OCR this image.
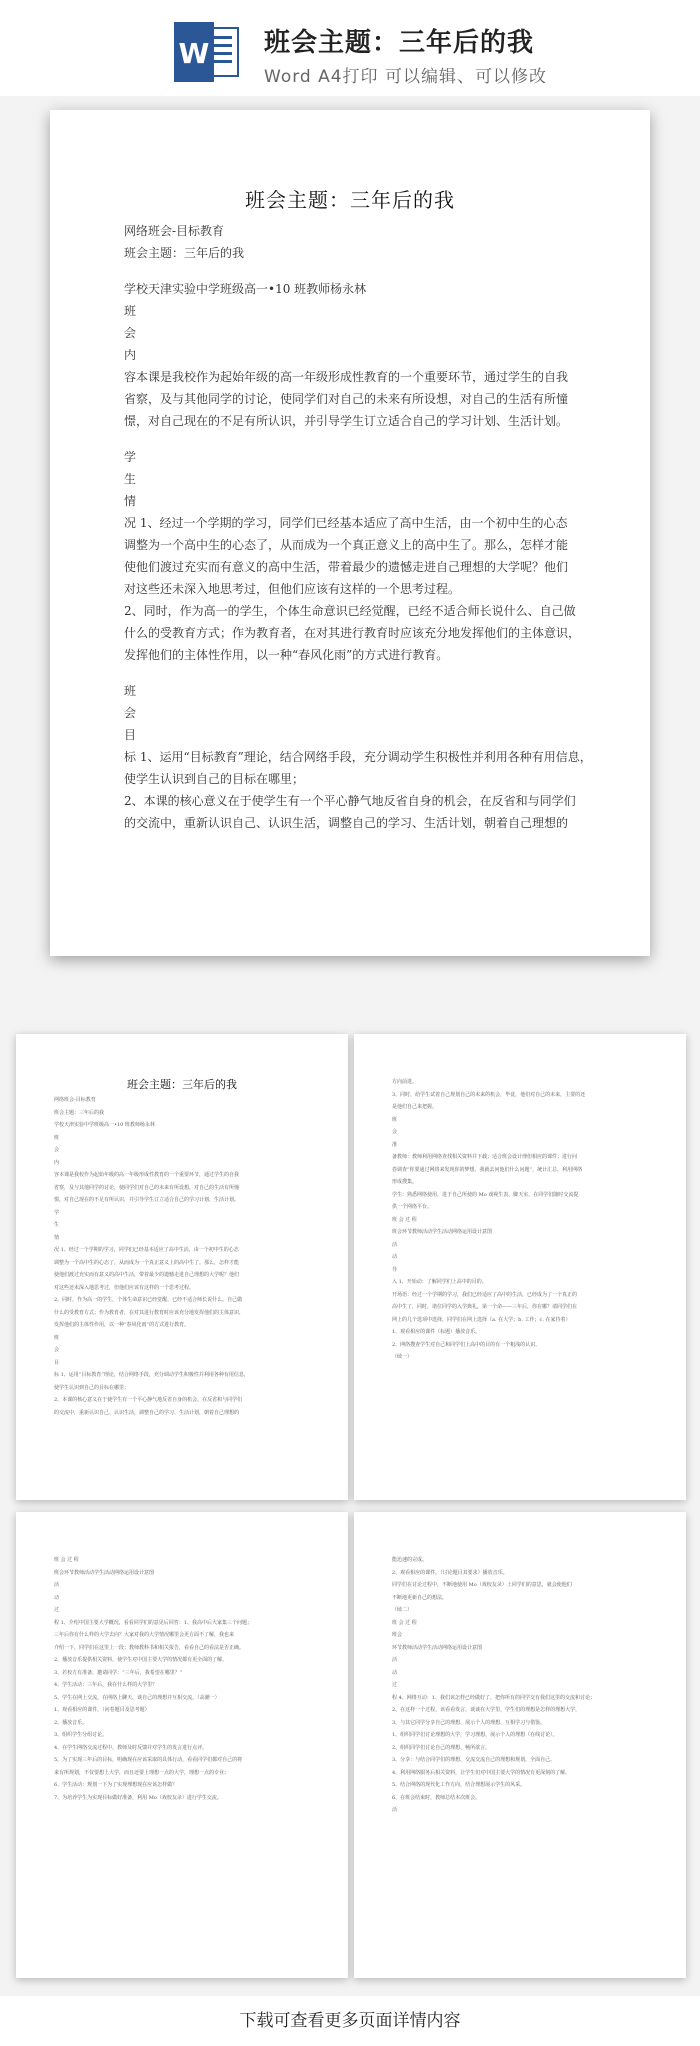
W 班会主题：三年后的我
Word A4打印 可以编辑、可以修改
班会主题：三年后的我
网络班会-目标教育
班会主题：三年后的我
学校天津实验中学班级高一•10 班教师杨永林
班
会
内
容本课是我校作为起始年级的高一年级形成性教育的一个重要环节，通过学生的自我
省察，及与其他同学的讨论，使同学们对自己的未来有所设想，对自己的生活有所憧
憬，对自己现在的不足有所认识，并引导学生订立适合自己的学习计划、生活计划。
学
生
情
况 1、经过一个学期的学习，同学们已经基本适应了高中生活，由一个初中生的心态
调整为一个高中生的心态了，从而成为一个真正意义上的高中生了。那么，怎样才能
使他们渡过充实而有意义的高中生活，带着最少的遗憾走进自己理想的大学呢？他们
对这些还未深入地思考过，但他们应该有这样的一个思考过程。
2、同时，作为高一的学生，个体生命意识已经觉醒，已经不适合师长说什么、自己做
什么的受教育方式；作为教育者，在对其进行教育时应该充分地发挥他们的主体意识，
发挥他们的主体性作用，以一种“春风化雨”的方式进行教育。
班
会
目
标 1、运用“目标教育”理论，结合网络手段，充分调动学生积极性并利用各种有用信息，
使学生认识到自己的目标在哪里；
2、本课的核心意义在于使学生有一个平心静气地反省自身的机会，在反省和与同学们
的交流中，重新认识自己、认识生活，调整自己的学习、生活计划，朝着自己理想的
班会主题：三年后的我
网络班会-目标教育
班会主题：三年后的我
学校天津实验中学班级高一•10 班教师杨永林
班
会
内
容本课是我校作为起始年级的高一年级形成性教育的一个重要环节，通过学生的自我
省察，及与其他同学的讨论，使同学们对自己的未来有所设想，对自己的生活有所憧
憬，对自己现在的不足有所认识，并引导学生订立适合自己的学习计划、生活计划。
学
生
情
况 1、经过一个学期的学习，同学们已经基本适应了高中生活，由一个初中生的心态
调整为一个高中生的心态了，从而成为一个真正意义上的高中生了。那么，怎样才能
使他们渡过充实而有意义的高中生活，带着最少的遗憾走进自己理想的大学呢？他们
对这些还未深入地思考过，但他们应该有这样的一个思考过程。
2、同时，作为高一的学生，个体生命意识已经觉醒，已经不适合师长说什么、自己做
什么的受教育方式；作为教育者，在对其进行教育时应该充分地发挥他们的主体意识，
发挥他们的主体性作用，以一种“春风化雨”的方式进行教育。
班
会
目
标 1、运用“目标教育”理论，结合网络手段，充分调动学生积极性并利用各种有用信息，
使学生认识到自己的目标在哪里；
2、本课的核心意义在于使学生有一个平心静气地反省自身的机会，在反省和与同学们
的交流中，重新认识自己、认识生活，调整自己的学习、生活计划，朝着自己理想的
方向前进。
3、同时，给学生试着自己规划自己的未来的机会，毕竟，他们对自己的未来，主要的还
是他们自己来把握。
班
会
准
备教师：教师利用网络查找相关资料并下载；适合班会设计理但相应的课件；进行问
卷调查“你要通过网络来发现你的梦想，我就去问他们什么问题”，统计汇总，利用网络
形成搜集。
学生：熟悉网络使用，进于自己所使的 Mo 戏视生表，脚天室，在同学们随时交流提
供一个网络平台。
班 会 过 程
班会环节教师活动学生活动网络运用设计意图
活
动
导
入 1、开始动：了解同学们上高中的目的。
开场语：经过一个学期的学习，我们已经适应了高中的生活，已经成为了一个真正的
高中生了，同时，诸位同学的入学典礼，第一个命——三年后，你在哪？请同学们在
网上的几个选项中选择，同学们在网上选择（a. 在大学；b. 工作；c. 在家待着）
1、观看相应的课件（标题）播放音乐。
2、网络搜查学生对自己和同学们上高中的目的有一个粗浅的认识。
（续一）
班 会 过 程
班会环节教师活动学生活动网络运用设计意图
活
动
过
程 1、介绍中国主要大学概况，看看同学们的意见后回答：1、我高中后大家集三个问题；
三年后你有什么样的大学去向？大家对我的大学情况哪里会更方面不了解，我也来
介绍一下，同学们在这里上一段；教师教科书和相关报告，看看自己的看法是否正确。
2、播放音乐提供相关资料，使学生对中国主要大学的情况都有更全面的了解。
3、若校方有准备，邀请同学：“三年后，我希望在哪里？”
4、学生活动：三年后，我在什么样的大学里？
5、学生在网上交流，在网络上聊天，谈自己的理想并互相交流。（高潮一）
1、观看相应的课件，（问卷题目及思考题）
2、播放音乐。
3、组织学生分组讨论。
4、在学生网络交流过程中，教师及时反馈并对学生的发言进行点评。
5、为了实现三年后的目标，明确现在应该采取的具体行动，看看同学们都对自己的将
来有所规划，不仅要想上大学，而且还要上理想一点的大学，理想一点的专业；
6、学生活动：规划一下为了实现理想现在应该怎样做？
7、为培养学生为实现目标做好准备，利用 Mo（戏校友录）进行学生交流。
能迅速的完成。
2、观看相应的课件。（讨论题目其要求）播放音乐。
同学们在讨论过程中，不断地使用 Mo（戏校友录）上同学们的意思，就会使他们
不断地更新自己的想法。
（续二）
班 会 过 程
班会
环节教师活动学生活动网络运用设计意图
活
动
过
程 4、网络互动：1、我们该怎样已经做好了，把你所有的同学交有我们这里的交流和讨论；
2、在这样一个过程，该看看发言，谈谈在大学里，学生们的理想是怎样的理想大学，
3、与其它同学分享自己的理想，展示个人的理想，互相学习与借鉴。
1、组织同学们讨论理想的大学，学习理想，展示个人的理想（在线讨论）。
2、组织同学们讨论自己的理想，畅所欲言。
3、分享：与结合同学们的理想，交流交流自己的理想和规划，全面自己。
4、利用网络服务后相关资料，让学生们对中国主要大学的情况有更深刻的了解。
5、结合网络的现代化工作方向，结合理想展示学生的风采。
6、在班会结束时，教师总结本次班会。
活
下载可查看更多页面详情内容
